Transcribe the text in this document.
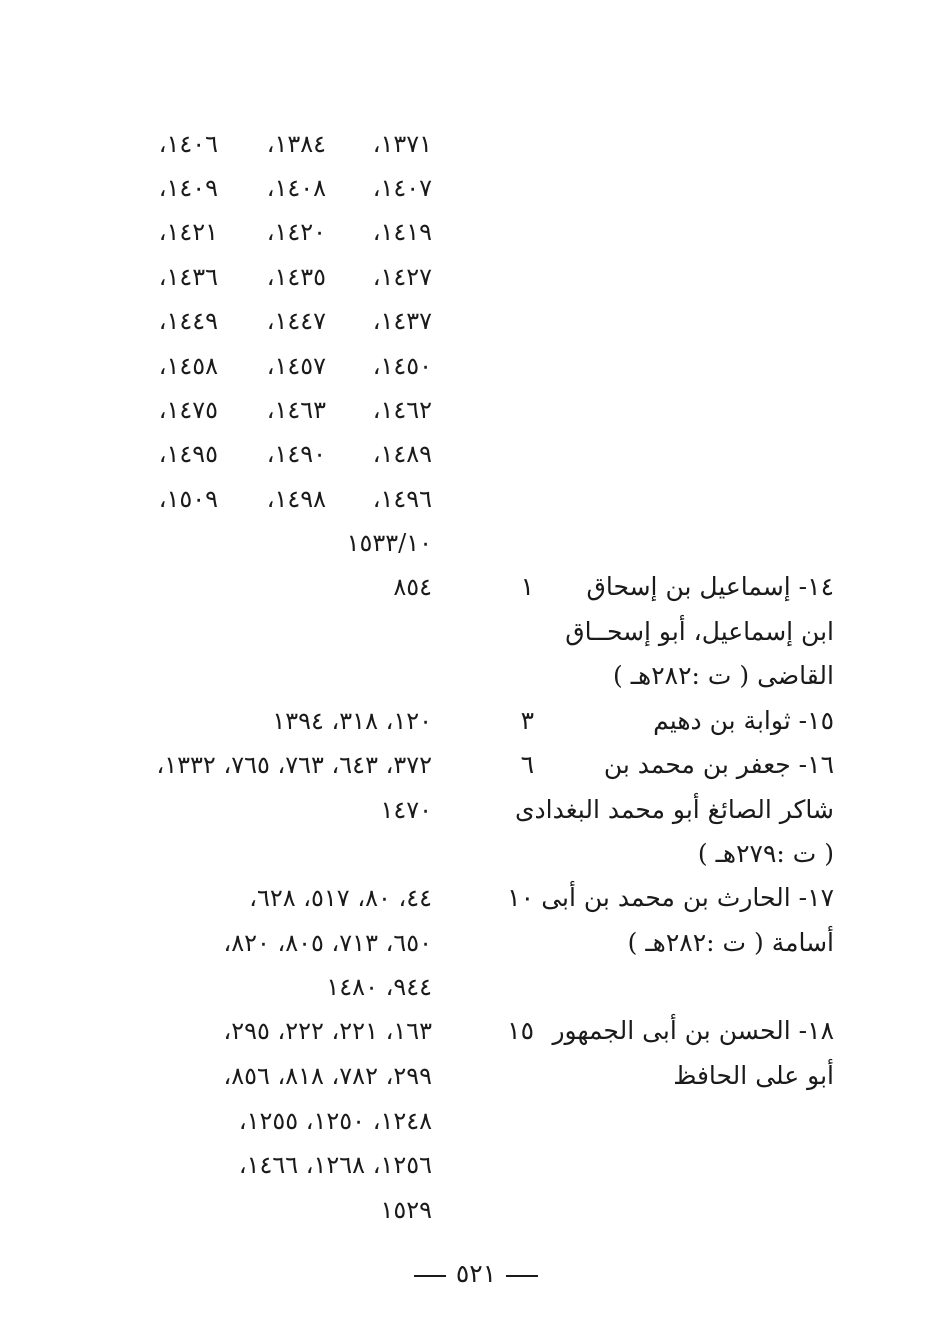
١٣٧١،
١٣٨٤،
١٤٠٦،
١٤٠٧،
١٤٠٨،
١٤٠٩،
١٤١٩،
١٤٢٠،
١٤٢١،
١٤٢٧،
١٤٣٥،
١٤٣٦،
١٤٣٧،
١٤٤٧،
١٤٤٩،
١٤٥٠،
١٤٥٧،
١٤٥٨،
١٤٦٢،
١٤٦٣،
١٤٧٥،
١٤٨٩،
١٤٩٠،
١٤٩٥،
١٤٩٦،
١٤٩٨،
١٥٠٩،
١٥٣٣/١٠
١٤- إسماعيل بن إسحاق
١
٨٥٤
ابن إسماعيل، أبو إسحــاق
القاضى ( ت :٢٨٢هـ )
١٥- ثوابة بن دهيم
٣
١٢٠، ٣١٨، ١٣٩٤
١٦- جعفر بن محمد بن
٦
٣٧٢، ٦٤٣، ٧٦٣، ٧٦٥، ١٣٣٢،
شاكر الصائغ أبو محمد البغدادى
١٤٧٠
( ت :٢٧٩هـ )
١٧- الحارث بن محمد بن أبى
١٠
٤٤، ٨٠، ٥١٧، ٦٢٨،
أسامة ( ت :٢٨٢هـ )
٦٥٠، ٧١٣، ٨٠٥، ٨٢٠،
٩٤٤، ١٤٨٠
١٨- الحسن بن أبى الجمهور
١٥
١٦٣، ٢٢١، ٢٢٢، ٢٩٥،
أبو على الحافظ
٢٩٩، ٧٨٢، ٨١٨، ٨٥٦،
١٢٤٨، ١٢٥٠، ١٢٥٥،
١٢٥٦، ١٢٦٨، ١٤٦٦،
١٥٢٩
٥٢١
